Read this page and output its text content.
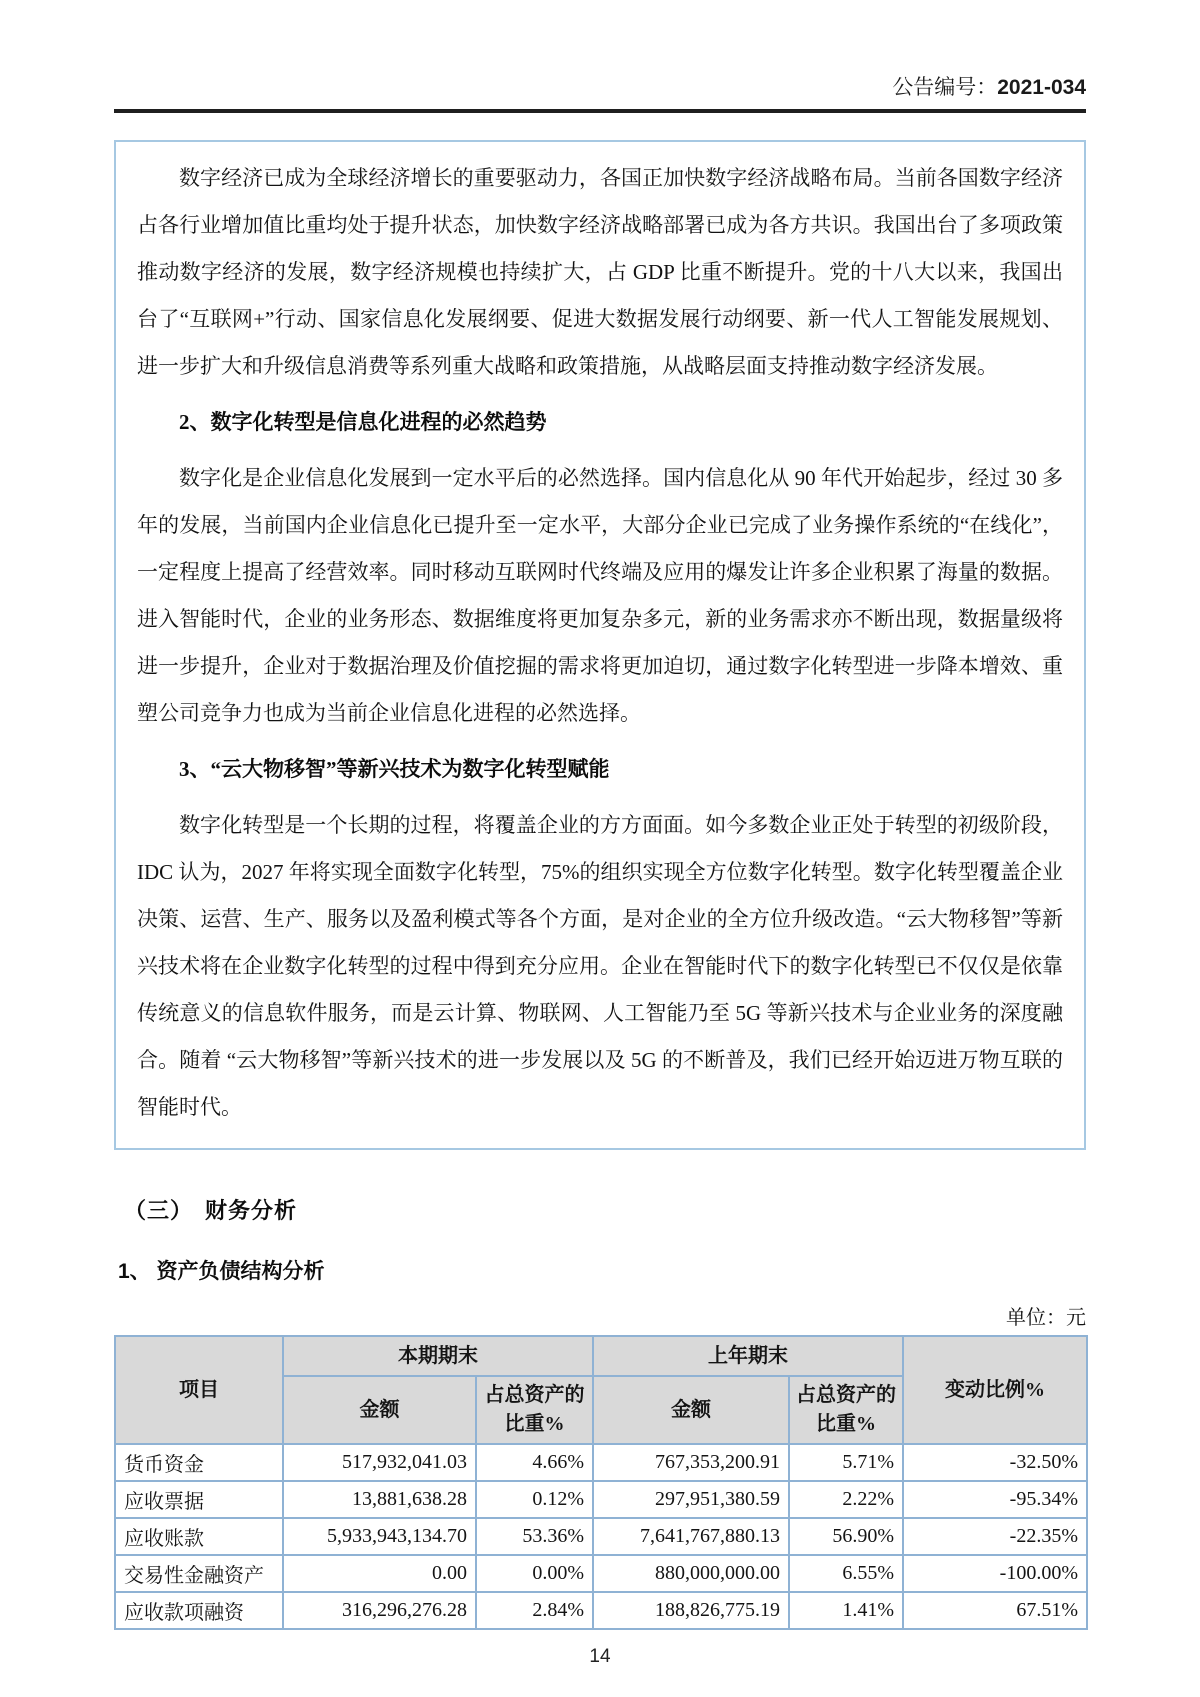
公告编号：2021-034

数字经济已成为全球经济增长的重要驱动力，各国正加快数字经济战略布局。当前各国数字经济占各行业增加值比重均处于提升状态，加快数字经济战略部署已成为各方共识。我国出台了多项政策推动数字经济的发展，数字经济规模也持续扩大，占 GDP 比重不断提升。党的十八大以来，我国出台了“互联网+”行动、国家信息化发展纲要、促进大数据发展行动纲要、新一代人工智能发展规划、进一步扩大和升级信息消费等系列重大战略和政策措施，从战略层面支持推动数字经济发展。

2、数字化转型是信息化进程的必然趋势

数字化是企业信息化发展到一定水平后的必然选择。国内信息化从 90 年代开始起步，经过 30 多年的发展，当前国内企业信息化已提升至一定水平，大部分企业已完成了业务操作系统的“在线化”，一定程度上提高了经营效率。同时移动互联网时代终端及应用的爆发让许多企业积累了海量的数据。进入智能时代，企业的业务形态、数据维度将更加复杂多元，新的业务需求亦不断出现，数据量级将进一步提升，企业对于数据治理及价值挖掘的需求将更加迫切，通过数字化转型进一步降本增效、重塑公司竞争力也成为当前企业信息化进程的必然选择。

3、“云大物移智”等新兴技术为数字化转型赋能

数字化转型是一个长期的过程，将覆盖企业的方方面面。如今多数企业正处于转型的初级阶段，IDC 认为，2027 年将实现全面数字化转型，75%的组织实现全方位数字化转型。数字化转型覆盖企业决策、运营、生产、服务以及盈利模式等各个方面，是对企业的全方位升级改造。“云大物移智”等新兴技术将在企业数字化转型的过程中得到充分应用。企业在智能时代下的数字化转型已不仅仅是依靠传统意义的信息软件服务，而是云计算、物联网、人工智能乃至 5G 等新兴技术与企业业务的深度融合。随着 “云大物移智”等新兴技术的进一步发展以及 5G 的不断普及，我们已经开始迈进万物互联的智能时代。

（三）　财务分析
1、 资产负债结构分析
单位：元
项目	本期期末		上年期末		变动比例%
	金额	占总资产的比重%	金额	占总资产的比重%	
货币资金	517,932,041.03	4.66%	767,353,200.91	5.71%	-32.50%
应收票据	13,881,638.28	0.12%	297,951,380.59	2.22%	-95.34%
应收账款	5,933,943,134.70	53.36%	7,641,767,880.13	56.90%	-22.35%
交易性金融资产	0.00	0.00%	880,000,000.00	6.55%	-100.00%
应收款项融资	316,296,276.28	2.84%	188,826,775.19	1.41%	67.51%
14
